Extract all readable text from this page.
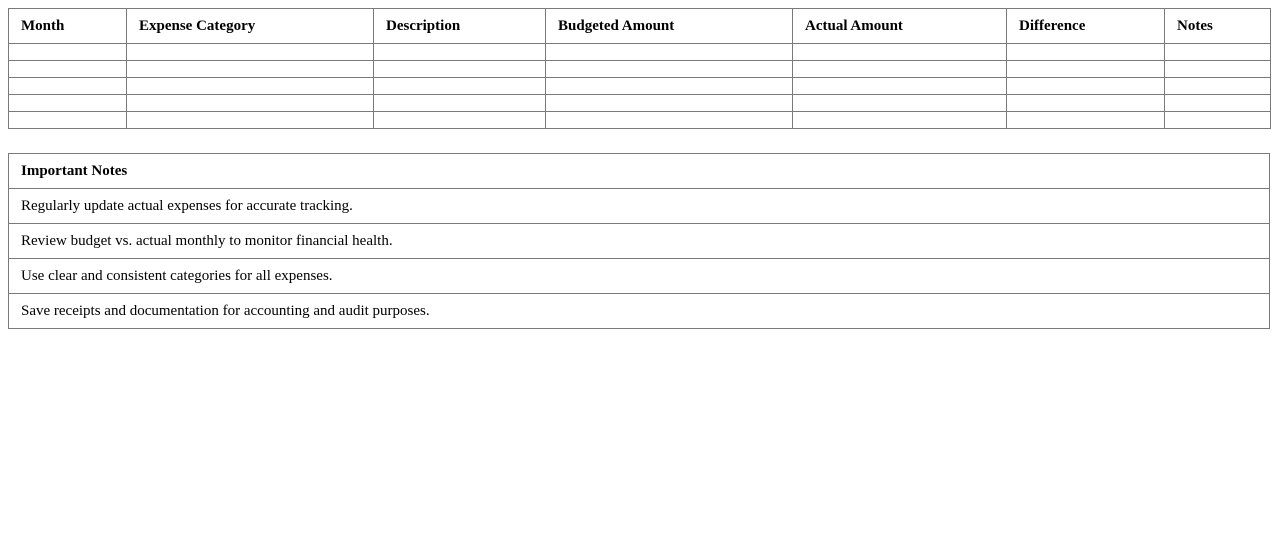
Month	Expense Category	Description	Budgeted Amount	Actual Amount	Difference	Notes

Important Notes
Regularly update actual expenses for accurate tracking.
Review budget vs. actual monthly to monitor financial health.
Use clear and consistent categories for all expenses.
Save receipts and documentation for accounting and audit purposes.
